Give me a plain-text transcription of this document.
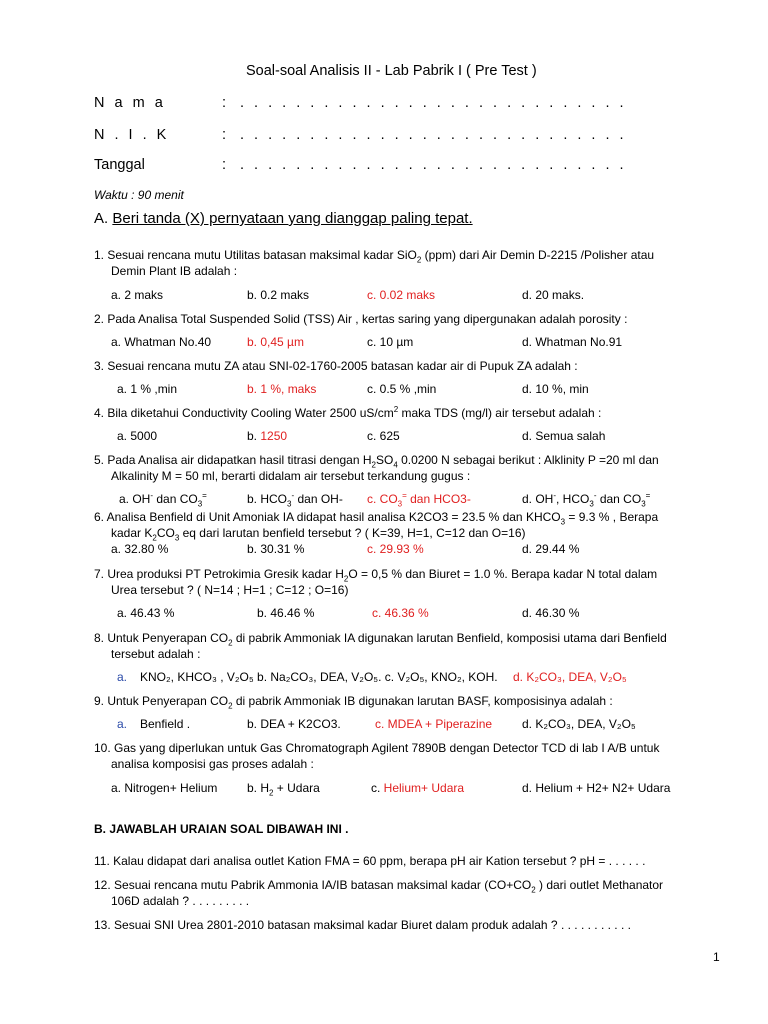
Soal-soal Analisis II - Lab Pabrik I ( Pre Test )
N a m a	: . . . . . . . . . . . . . . . . . . . . . . . . . . . .
N . I . K	: . . . . . . . . . . . . . . . . . . . . . . . . . . . .
Tanggal	: . . . . . . . . . . . . . . . . . . . . . . . . . . . .
Waktu : 90 menit
A. Beri tanda (X) pernyataan yang dianggap paling tepat.
1. Sesuai rencana mutu Utilitas batasan maksimal kadar SiO$_2$ (ppm) dari Air Demin D-2215 /Polisher atau
Demin Plant IB adalah :
a. 2 maks	b. 0.2 maks	c. 0.02 maks	d. 20 maks.
2. Pada Analisa Total Suspended Solid (TSS) Air , kertas saring yang dipergunakan adalah porosity :
a. Whatman No.40	b. 0,45 µm	c. 10 µm	d. Whatman No.91
3. Sesuai rencana mutu ZA atau SNI-02-1760-2005 batasan kadar air di Pupuk ZA adalah :
a. 1 % ,min	b. 1 %, maks	c. 0.5 % ,min	d. 10 %, min
4. Bila diketahui Conductivity Cooling Water 2500 $uS/cm^2$ maka TDS (mg/l) air tersebut adalah :
a. 5000	b. 1250	c. 625	d. Semua salah
5. Pada Analisa air didapatkan hasil titrasi dengan $H_2SO_4$ 0.0200 N sebagai berikut : Alklinity P =20 ml dan
Alkalinity M = 50 ml, berarti didalam air tersebut terkandung gugus :
a. OH- dan $CO_3^=$	b. $HCO_3^-$ dan OH- c. $CO_3^=$ dan HCO3-	d. OH-, $HCO_3^-$ dan $CO_3^=$
6. Analisa Benfield di Unit Amoniak IA didapat hasil analisa K2CO3 = 23.5 % dan $KHCO_3 = 9.3$ % , Berapa
kadar $K_2CO_3$ eq dari larutan benfield tersebut ? ( K=39, H=1, C=12 dan O=16)
a. 32.80 %	b. 30.31 %	c. 29.93 %	d. 29.44 %
7. Urea produksi PT Petrokimia Gresik kadar $H_2O = 0,5$ % dan Biuret = 1.0 %. Berapa kadar N total dalam
Urea tersebut ? ( N=14 ; H=1 ; C=12 ; O=16)
a. 46.43 %	b. 46.46 %	c. 46.36 %	d. 46.30 %
8. Untuk Penyerapan $CO_2$ di pabrik Ammoniak IA digunakan larutan Benfield, komposisi utama dari Benfield
tersebut adalah :
a. KNO₂, KHCO₃ , V₂O₅ b. Na₂CO₃, DEA, V₂O₅. c. V₂O₅, KNO₂, KOH. d. K₂CO₃, DEA, V₂O₅
9. Untuk Penyerapan $CO_2$ di pabrik Ammoniak IB digunakan larutan BASF, komposisinya adalah :
a. Benfield .	b. DEA + K2CO3.	c. MDEA + Piperazine d. K₂CO₃, DEA, V₂O₅
10. Gas yang diperlukan untuk Gas Chromatograph Agilent 7890B dengan Detector TCD di lab I A/B untuk
analisa komposisi gas proses adalah :
a. Nitrogen+ Helium b. $H_2$ + Udara	c. Helium+ Udara	d. Helium + H2+ N2+ Udara
B. JAWABLAH URAIAN SOAL DIBAWAH INI .
11. Kalau didapat dari analisa outlet Kation FMA = 60 ppm, berapa pH air Kation tersebut ? pH = . . . . . .
12. Sesuai rencana mutu Pabrik Ammonia IA/IB batasan maksimal kadar ($CO+CO_2$ ) dari outlet Methanator
106D adalah ? . . . . . . . . .
13. Sesuai SNI Urea 2801-2010 batasan maksimal kadar Biuret dalam produk adalah ? . . . . . . . . . . .
1
